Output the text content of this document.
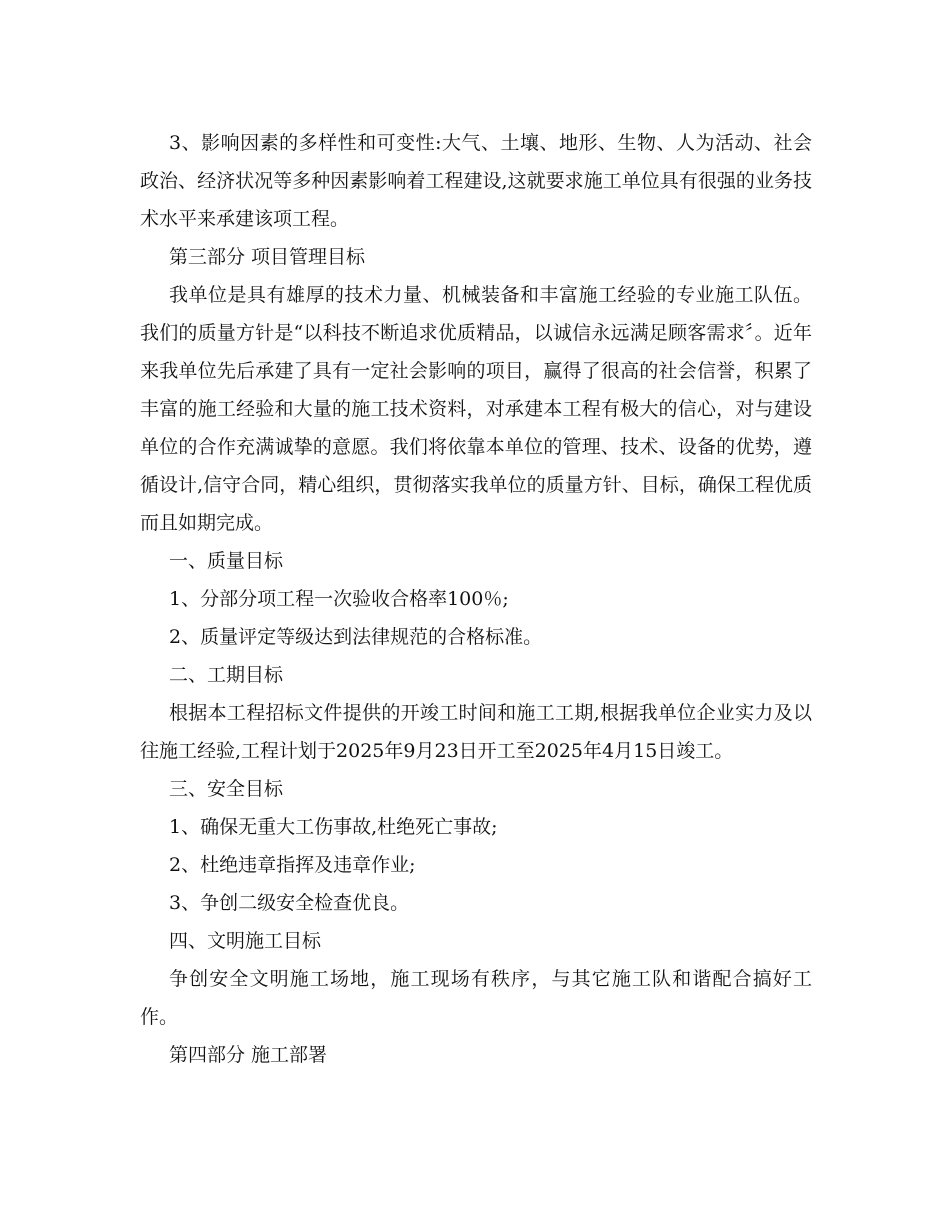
3、影响因素的多样性和可变性:大气、土壤、地形、生物、人为活动、社会政治、经济状况等多种因素影响着工程建设,这就要求施工单位具有很强的业务技术水平来承建该项工程。

第三部分 项目管理目标

我单位是具有雄厚的技术力量、机械装备和丰富施工经验的专业施工队伍。我们的质量方针是“以科技不断追求优质精品，以诚信永远满足顾客需求〞。近年来我单位先后承建了具有一定社会影响的项目，赢得了很高的社会信誉，积累了丰富的施工经验和大量的施工技术资料，对承建本工程有极大的信心，对与建设单位的合作充满诚挚的意愿。我们将依靠本单位的管理、技术、设备的优势，遵循设计,信守合同，精心组织，贯彻落实我单位的质量方针、目标，确保工程优质而且如期完成。

一、质量目标

1、分部分项工程一次验收合格率100％;

2、质量评定等级达到法律规范的合格标准。

二、工期目标

根据本工程招标文件提供的开竣工时间和施工工期,根据我单位企业实力及以往施工经验,工程计划于2025年9月23日开工至2025年4月15日竣工。

三、安全目标

1、确保无重大工伤事故,杜绝死亡事故;

2、杜绝违章指挥及违章作业;

3、争创二级安全检查优良。

四、文明施工目标

争创安全文明施工场地，施工现场有秩序，与其它施工队和谐配合搞好工作。

第四部分 施工部署
